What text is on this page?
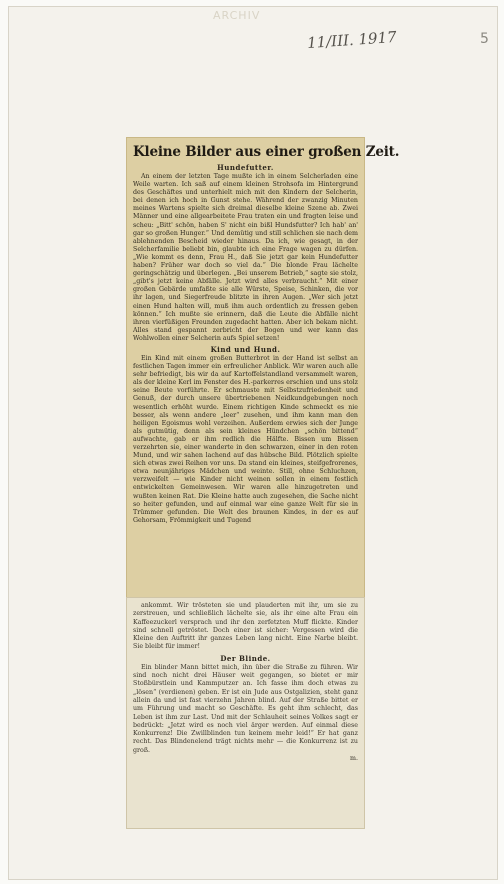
ARCHIV
11/III. 1917	5
Kleine Bilder aus einer großen Zeit.
Hundefutter.

An einem der letzten Tage mußte ich in einem Selcherladen eine Weile warten. Ich saß auf einem kleinen Strohsofa im Hintergrund des Geschäftes und unterhielt mich mit den Kindern der Selcherin, bei denen ich hoch in Gunst stehe. Während der zwanzig Minuten meines Wartens spielte sich dreimal dieselbe kleine Szene ab. Zwei Männer und eine allgearbeitete Frau traten ein und fragten leise und scheu: „Bitt' schön, haben S' nicht ein bißl Hundsfutter? Ich hab' an' gar so großen Hunger.“ Und demütig und still schlichen sie nach dem ablehnenden Bescheid wieder hinaus. Da ich, wie gesagt, in der Selcherfamilie beliebt bin, glaubte ich eine Frage wagen zu dürfen. „Wie kommt es denn, Frau H., daß Sie jetzt gar kein Hundefutter haben? Früher war doch so viel da.“ Die blonde Frau lächelte geringschätzig und überlegen. „Bei unserem Betrieb,“ sagte sie stolz, „gibt's jetzt keine Abfälle. Jetzt wird alles verbraucht.“ Mit einer großen Gebärde umfaßte sie alle Würste, Speise, Schinken, die vor ihr lagen, und Siegerfreude blitzte in ihren Augen. „Wer sich jetzt einen Hund halten will, muß ihm auch ordentlich zu fressen geben können.“ Ich mußte sie erinnern, daß die Leute die Abfälle nicht ihren vierfüßigen Freunden zugedacht hatten. Aber ich bekam nicht. Alles stand gespannt zerbricht der Bogen und wer kann das Wohlwollen einer Selcherin aufs Spiel setzen!

Kind und Hund.

Ein Kind mit einem großen Butterbrot in der Hand ist selbst an festlichen Tagen immer ein erfreulicher Anblick. Wir waren auch alle sehr befriedigt, bis wir da auf Kartoffelstandland versammelt waren, als der kleine Kerl im Fenster des H.-parkerres erschien und uns stolz seine Beute vorführte. Er schmauste mit Selbstzufriedenheit und Genuß, der durch unsere übertriebenen Neidkundgebungen noch wesentlich erhöht wurde. Einem richtigen Kinde schmeckt es nie besser, als wenn andere „leer“ zusehen, und ihm kann man den heiligen Egoismus wohl verzeihen. Außerdem erwies sich der Junge als gutmütig, denn als sein kleines Hündchen „schön bittend“ aufwachte, gab er ihm redlich die Hälfte. Bissen um Bissen verzehrten sie, einer wanderte in den schwarzen, einer in den roten Mund, und wir sahen lachend auf das hübsche Bild. Plötzlich spielte sich etwas zwei Reihen vor uns. Da stand ein kleines, steifgefrorenes, etwa neunjähriges Mädchen und weinte. Still, ohne Schluchzen, verzweifelt — wie Kinder nicht weinen sollen in einem festlich entwickelten Gemeinwesen. Wir waren alle hinzugetreten und wußten keinen Rat. Die Kleine hatte auch zugesehen, die Sache nicht so heiter gefunden, und auf einmal war eine ganze Welt für sie in Trümmer gefunden. Die Welt des braunen Kindes, in der es auf Gehorsam, Frömmigkeit und Tugend

ankommt. Wir trösteten sie und plauderten mit ihr, um sie zu zerstreuen, und schließlich lächelte sie, als ihr eine alte Frau ein Kaffeezuckerl versprach und ihr den zerfetzten Muff flickte. Kinder sind schnell getröstet. Doch einer ist sicher: Vergessen wird die Kleine den Auftritt ihr ganzes Leben lang nicht. Eine Narbe bleibt. Sie bleibt für immer!

Der Blinde.

Ein blinder Mann bittet mich, ihn über die Straße zu führen. Wir sind noch nicht drei Häuser weit gegangen, so bietet er mir Stoßbürstlein und Kammputzer an. Ich fasse ihm doch etwas zu „lösen“ (verdienen) geben. Er ist ein Jude aus Ostgalizien, steht ganz allein da und ist fast vierzehn Jahren blind. Auf der Straße bittet er um Führung und macht so Geschäfte. Es geht ihm schlecht, das Leben ist ihm zur Last. Und mit der Schlauheit seines Volkes sagt er bedrückt: „Jetzt wird es noch viel ärger werden. Auf einmal diese Konkurrenz! Die Zwillblinden tun keinem mehr leid!“ Er hat ganz recht. Das Blindenelend trägt nichts mehr — die Konkurrenz ist zu groß.

m.
